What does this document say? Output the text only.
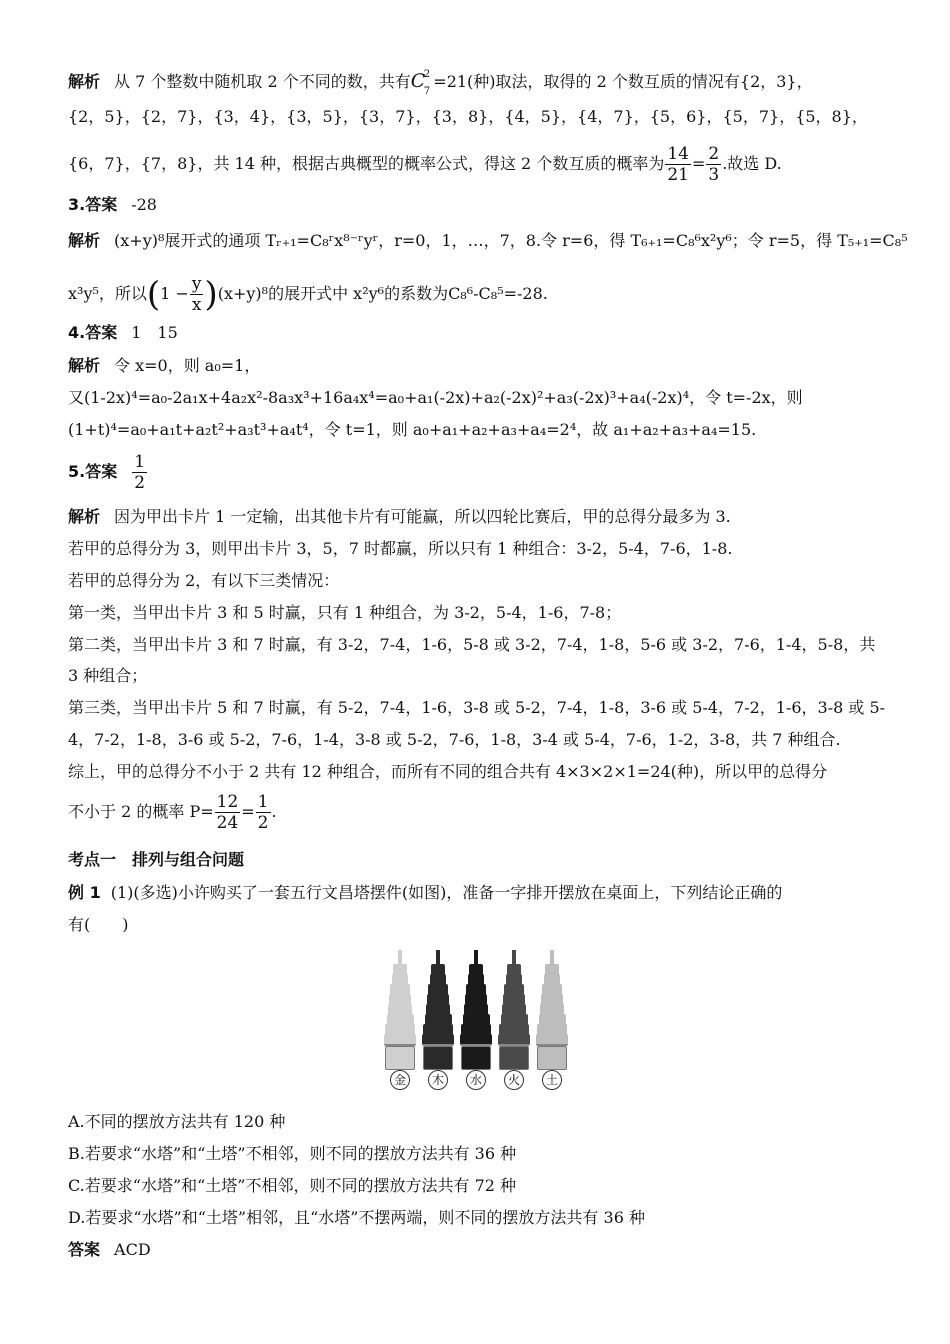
解析 从 7 个整数中随机取 2 个不同的数，共有C
2
7
=21(种)取法，取得的 2 个数互质的情况有{2，3}，
{2，5}，{2，7}，{3，4}，{3，5}，{3，7}，{3，8}，{4，5}，{4，7}，{5，6}，{5，7}，{5，8}，
{6，7}，{7，8}，共 14 种，根据古典概型的概率公式，得这 2 个数互质的概率为 $\frac{14}{21} = \frac{2}{3}$ .故选 D.
3.答案 -28
解析 (x+y)⁸展开式的通项 Tᵣ₊₁=C₈ʳx⁸⁻ʳyʳ，r=0，1，…，7，8.令 r=6，得 T₆₊₁=C₈⁶x²y⁶；令 r=5，得 T₅₊₁=C₈⁵
x³y⁵，所以$(1 - \frac{y}{x} )(x+y)^8$的展开式中 x²y⁶的系数为C₈⁶-C₈⁵=-28.
4.答案 1　15
解析 令 x=0，则 a₀=1，
又(1-2x)⁴=a₀-2a₁x+4a₂x²-8a₃x³+16a₄x⁴=a₀+a₁(-2x)+a₂(-2x)²+a₃(-2x)³+a₄(-2x)⁴，令 t=-2x，则
(1+t)⁴=a₀+a₁t+a₂t²+a₃t³+a₄t⁴，令 t=1，则 a₀+a₁+a₂+a₃+a₄=2⁴，故 a₁+a₂+a₃+a₄=15.
5.答案 $\frac{1}{2}$
解析 因为甲出卡片 1 一定输，出其他卡片有可能赢，所以四轮比赛后，甲的总得分最多为 3.
若甲的总得分为 3，则甲出卡片 3，5，7 时都赢，所以只有 1 种组合：3-2，5-4，7-6，1-8.
若甲的总得分为 2，有以下三类情况：
第一类，当甲出卡片 3 和 5 时赢，只有 1 种组合，为 3-2，5-4，1-6，7-8；
第二类，当甲出卡片 3 和 7 时赢，有 3-2，7-4，1-6，5-8 或 3-2，7-4，1-8，5-6 或 3-2，7-6，1-4，5-8，共
3 种组合；
第三类，当甲出卡片 5 和 7 时赢，有 5-2，7-4，1-6，3-8 或 5-2，7-4，1-8，3-6 或 5-4，7-2，1-6，3-8 或 5-
4，7-2，1-8，3-6 或 5-2，7-6，1-4，3-8 或 5-2，7-6，1-8，3-4 或 5-4，7-6，1-2，3-8，共 7 种组合.
综上，甲的总得分不小于 2 共有 12 种组合，而所有不同的组合共有 4×3×2×1=24(种)，所以甲的总得分
不小于 2 的概率 $P= \frac{12}{24} = \frac{1}{2}$ .
考点一　排列与组合问题
例 1 (1)(多选)小许购买了一套五行文昌塔摆件(如图)，准备一字排开摆放在桌面上，下列结论正确的
有(　　)
A.不同的摆放方法共有 120 种
B.若要求“水塔”和“土塔”不相邻，则不同的摆放方法共有 36 种
C.若要求“水塔”和“土塔”不相邻，则不同的摆放方法共有 72 种
D.若要求“水塔”和“土塔”相邻，且“水塔”不摆两端，则不同的摆放方法共有 36 种
答案 ACD
金	木	水	火	土
